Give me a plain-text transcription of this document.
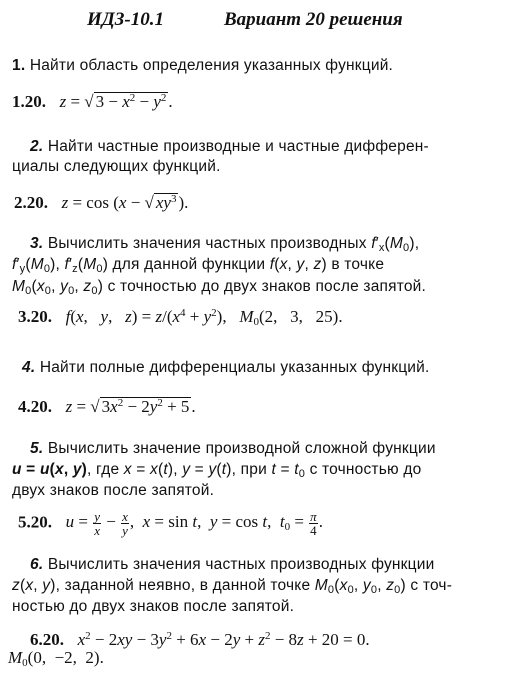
ИДЗ-10.1	Вариант 20 решения
1. Найти область определения указанных функций.
1.20. z = √ $3 - x^2 - y^2$ .
2. Найти частные производные и частные дифферен-
циалы следующих функций.
2.20. z = cos (x − √ $xy^3$ ).
3. Вычислить значения частных производных $f'_x(M_0)$,
$f'_y(M_0)$, $f'_z(M_0)$ для данной функции f(x, y, z) в точке
$M_0(x_0$, $y_0$, $z_0$) с точностью до двух знаков после запятой.
3.20. f(x,   y,   $z) = z/(x^4 + y^2)$,   $M_0(2$,   3,   25).
4. Найти полные дифференциалы указанных функций.
4.20. z = √ $3x^2 - 2y^2 + 5$ .
5. Вычислить значение производной сложной функции
u = u(x, y), где x = x(t), y = y(t), при $t = t_0$ с точностью до
двух знаков после запятой.
5.20. $u = \frac{y}{x} - \frac{x}{y}$ ,  x = sin t,  y = cos t,  $t_0 = \frac{\pi}{4}$ .
6. Вычислить значения частных производных функции
z(x, y), заданной неявно, в данной точке $M_0(x_0$, $y_0$, $z_0$) с точ-
ностью до двух знаков после запятой.
6.20. $x^2 - 2xy - 3y^2 + 6x - 2y + z^2 - 8z + 20 = 0$.
$M_0(0$,  −2,  2).
